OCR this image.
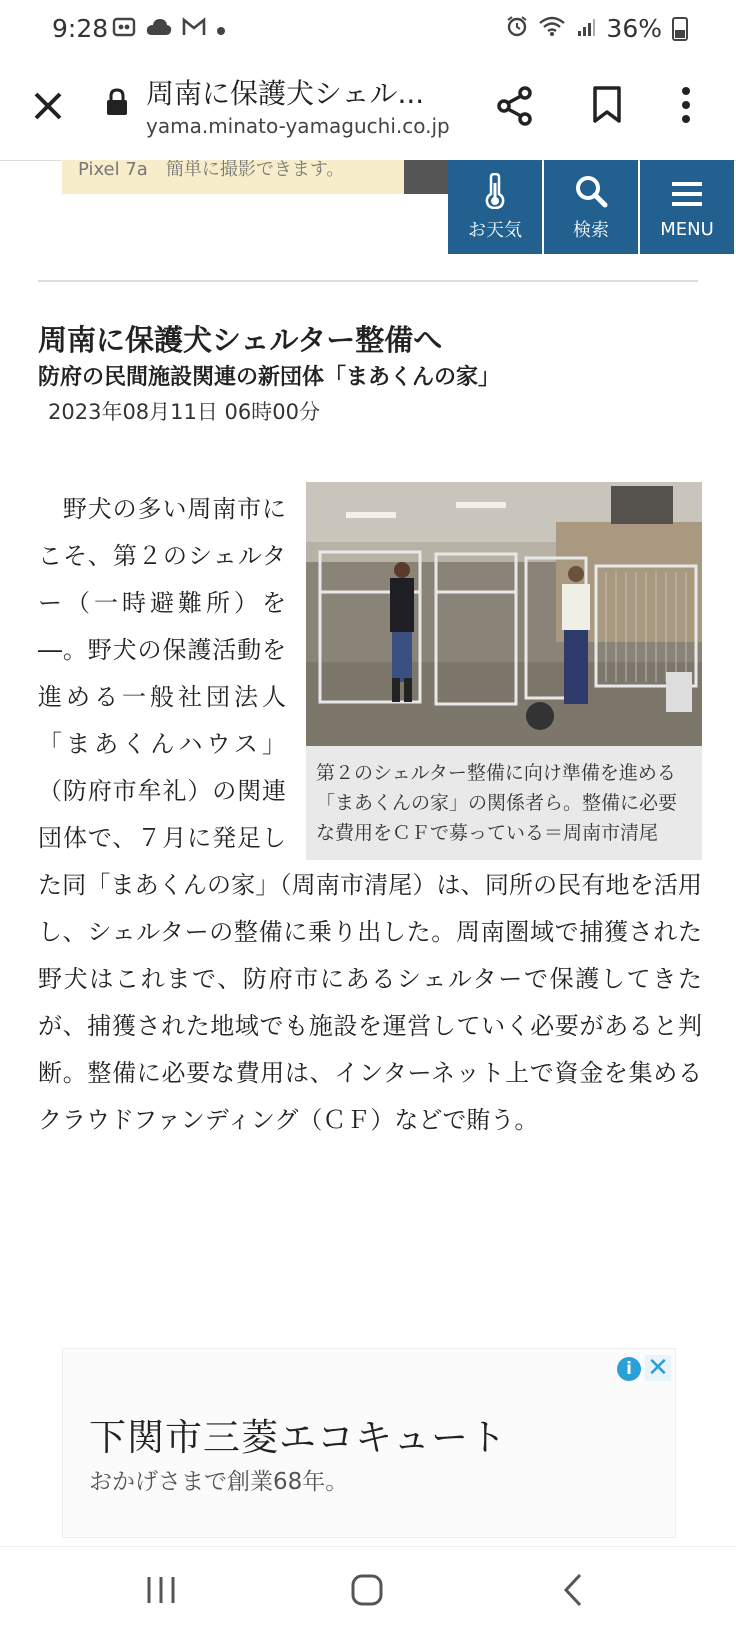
9:28	36%
周南に保護犬シェル...
yama.minato-yamaguchi.co.jp
Pixel 7a　簡単に撮影できます。
お天気	検索	MENU
周南に保護犬シェルター整備へ
防府の民間施設関連の新団体「まあくんの家」
2023年08月11日 06時00分
第２のシェルター整備に向け準備を進める「まあくんの家」の関係者ら。整備に必要な費用をＣＦで募っている＝周南市清尾

　野犬の多い周南市にこそ、第２のシェルター（一時避難所）を―。野犬の保護活動を進める一般社団法人「まあくんハウス」（防府市牟礼）の関連団体で、７月に発足した同「まあくんの家」（周南市清尾）は、同所の民有地を活用し、シェルターの整備に乗り出した。周南圏域で捕獲された野犬はこれまで、防府市にあるシェルターで保護してきたが、捕獲された地域でも施設を運営していく必要があると判断。整備に必要な費用は、インターネット上で資金を集めるクラウドファンディング（ＣＦ）などで賄う。

i ✕
下関市三菱エコキュート
おかげさまで創業68年。
